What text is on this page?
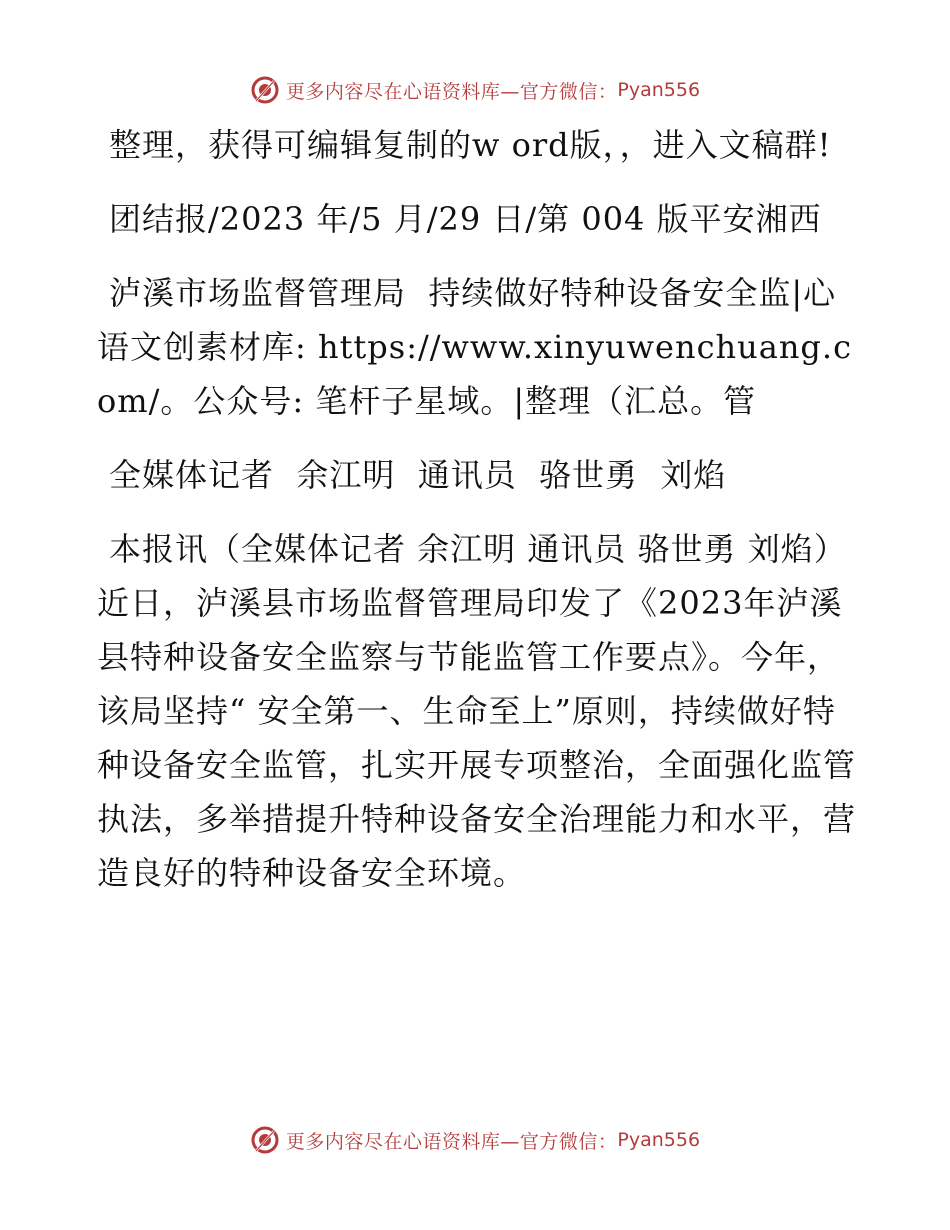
更多内容尽在心语资料库—官方微信： Pyan556

整理，获得可编辑复制的w ord版，，进入文稿群!

团结报/2023 年/5 月/29 日/第 004 版平安湘西

泸溪市场监督管理局  持续做好特种设备安全监|心语文创素材库: https://www.xinyuwenchuang.com/。公众号: 笔杆子星域。|整理（汇总。管

全媒体记者  余江明  通讯员  骆世勇  刘焰

本报讯（全媒体记者 余江明 通讯员 骆世勇 刘焰）近日，泸溪县市场监督管理局印发了《2023年泸溪县特种设备安全监察与节能监管工作要点》。今年，该局坚持“ 安全第一、生命至上”原则，持续做好特种设备安全监管，扎实开展专项整治，全面强化监管执法，多举措提升特种设备安全治理能力和水平，营造良好的特种设备安全环境。

更多内容尽在心语资料库—官方微信： Pyan556
